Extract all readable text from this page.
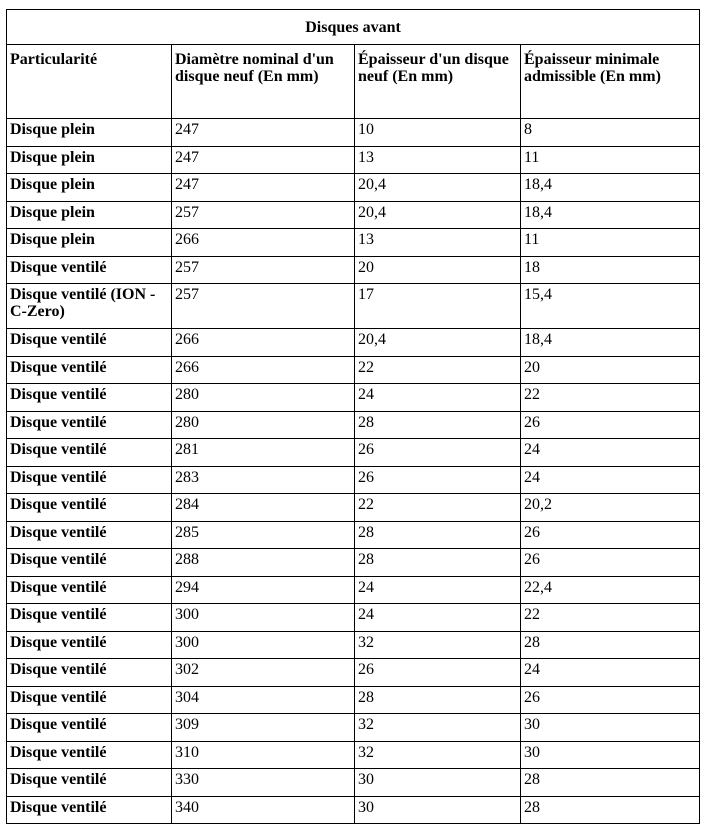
Disques avant			
Particularité	Diamètre nominal d'un disque neuf (En mm)	Épaisseur d'un disque neuf (En mm)	Épaisseur minimale admissible (En mm)
Disque plein	247	10	8
Disque plein	247	13	11
Disque plein	247	20,4	18,4
Disque plein	257	20,4	18,4
Disque plein	266	13	11
Disque ventilé	257	20	18
Disque ventilé (ION - C-Zero)	257	17	15,4
Disque ventilé	266	20,4	18,4
Disque ventilé	266	22	20
Disque ventilé	280	24	22
Disque ventilé	280	28	26
Disque ventilé	281	26	24
Disque ventilé	283	26	24
Disque ventilé	284	22	20,2
Disque ventilé	285	28	26
Disque ventilé	288	28	26
Disque ventilé	294	24	22,4
Disque ventilé	300	24	22
Disque ventilé	300	32	28
Disque ventilé	302	26	24
Disque ventilé	304	28	26
Disque ventilé	309	32	30
Disque ventilé	310	32	30
Disque ventilé	330	30	28
Disque ventilé	340	30	28
